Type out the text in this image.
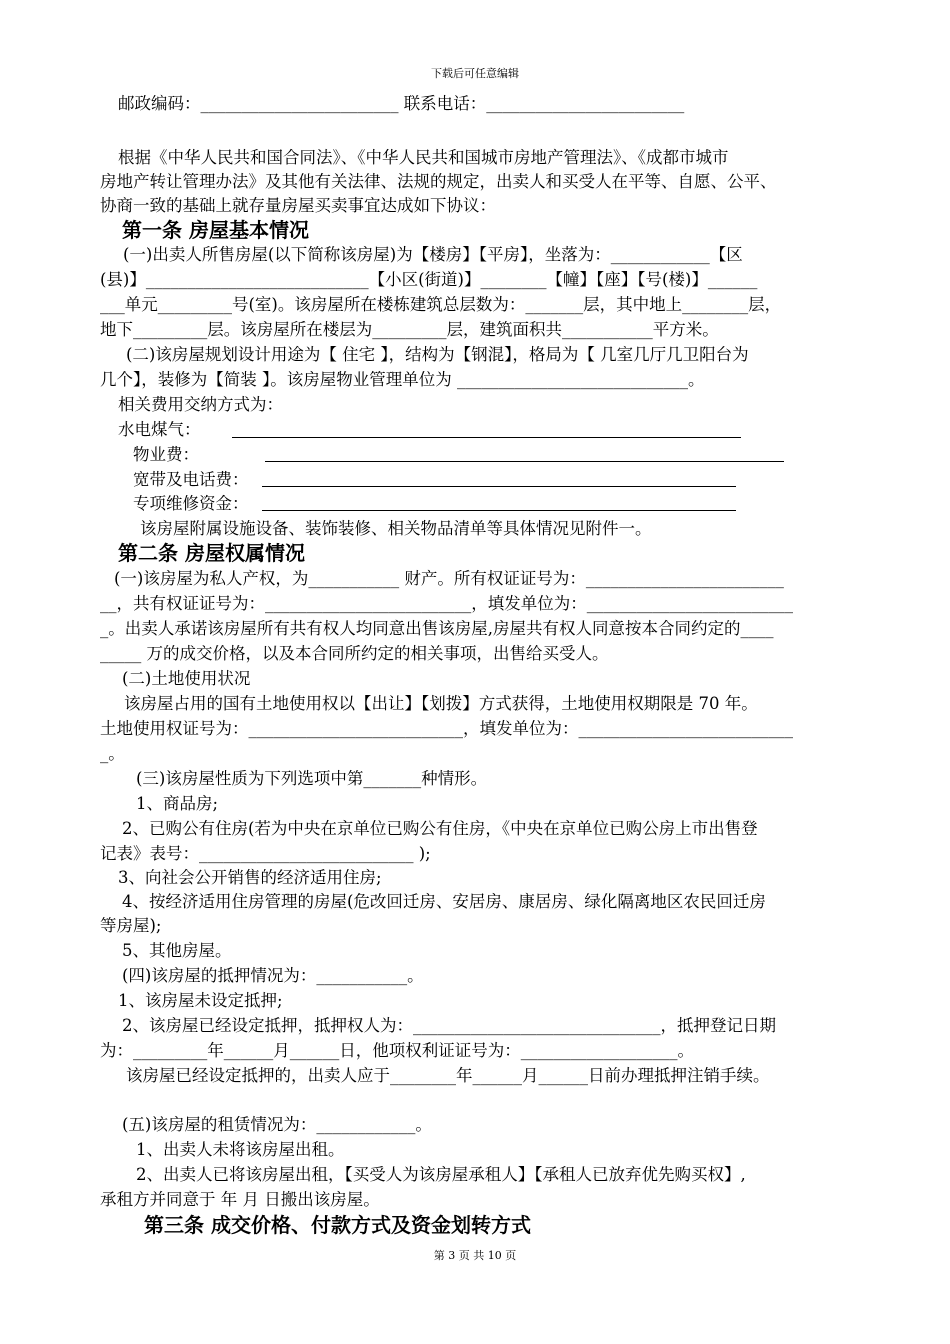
下载后可任意编辑
邮政编码：________________________ 联系电话：________________________
根据《中华人民共和国合同法》、《中华人民共和国城市房地产管理法》、《成都市城市
房地产转让管理办法》及其他有关法律、法规的规定，出卖人和买受人在平等、自愿、公平、
协商一致的基础上就存量房屋买卖事宜达成如下协议：
第一条 房屋基本情况
(一)出卖人所售房屋(以下简称该房屋)为【楼房】【平房】，坐落为：____________【区
(县)】___________________________【小区(街道)】________【幢】【座】【号(楼)】______
___单元_________号(室)。该房屋所在楼栋建筑总层数为：_______层，其中地上________层，
地下_________层。该房屋所在楼层为_________层，建筑面积共___________平方米。
(二)该房屋规划设计用途为【 住宅 】，结构为【钢混】，格局为【 几室几厅几卫阳台为
几个】，装修为【简装 】。该房屋物业管理单位为 ____________________________。
相关费用交纳方式为：
水电煤气：
物业费：
宽带及电话费：
专项维修资金：
该房屋附属设施设备、装饰装修、相关物品清单等具体情况见附件一。
第二条 房屋权属情况
(一)该房屋为私人产权，为___________ 财产。所有权证证号为：________________________
__，共有权证证号为：_________________________，填发单位为：_________________________
_。出卖人承诺该房屋所有共有权人均同意出售该房屋,房屋共有权人同意按本合同约定的____
_____ 万的成交价格，以及本合同所约定的相关事项，出售给买受人。
(二)土地使用状况
该房屋占用的国有土地使用权以【出让】【划拨】方式获得，土地使用权期限是 70 年。
土地使用权证号为：__________________________，填发单位为：__________________________
_。
(三)该房屋性质为下列选项中第_______种情形。
1、商品房;
2、已购公有住房(若为中央在京单位已购公有住房，《中央在京单位已购公房上市出售登
记表》表号：__________________________ );
3、向社会公开销售的经济适用住房;
4、按经济适用住房管理的房屋(危改回迁房、安居房、康居房、绿化隔离地区农民回迁房
等房屋);
5、其他房屋。
(四)该房屋的抵押情况为：___________。
1、该房屋未设定抵押;
2、该房屋已经设定抵押，抵押权人为：______________________________，抵押登记日期
为：_________年______月______日，他项权利证证号为：___________________。
该房屋已经设定抵押的，出卖人应于________年______月______日前办理抵押注销手续。
(五)该房屋的租赁情况为：____________。
1、出卖人未将该房屋出租。
2、出卖人已将该房屋出租，【买受人为该房屋承租人】【承租人已放弃优先购买权】,
承租方并同意于 年 月 日搬出该房屋。
第三条 成交价格、付款方式及资金划转方式
第 3 页 共 10 页
